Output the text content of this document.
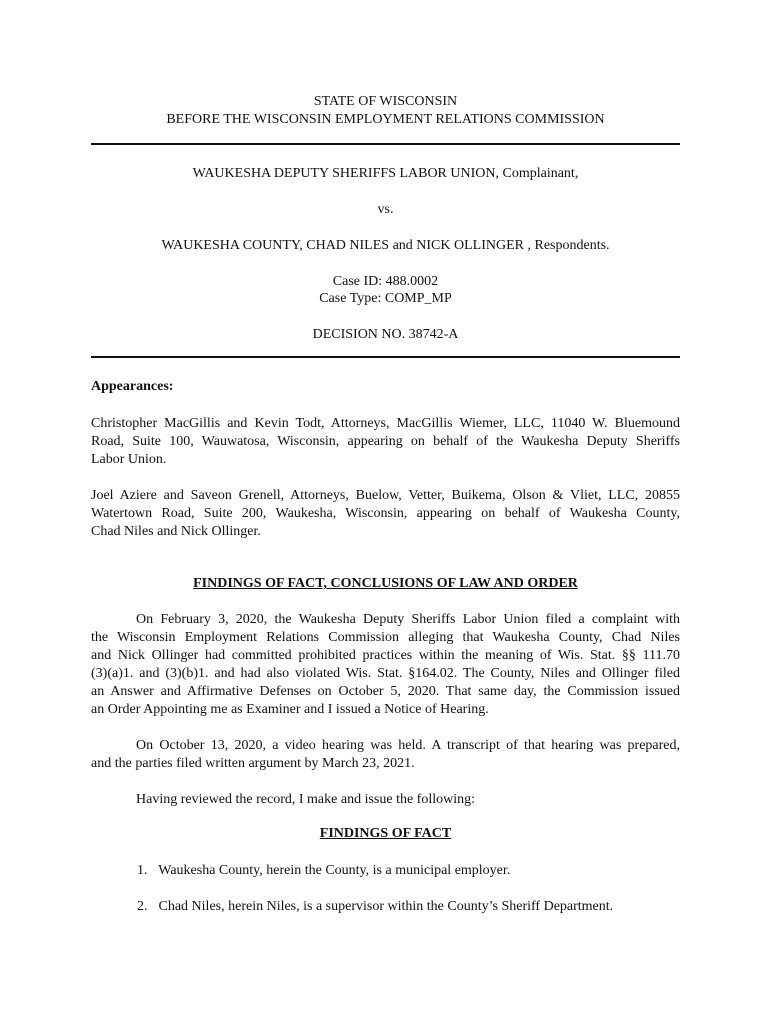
STATE OF WISCONSIN
BEFORE THE WISCONSIN EMPLOYMENT RELATIONS COMMISSION
WAUKESHA DEPUTY SHERIFFS LABOR UNION, Complainant,
vs.
WAUKESHA COUNTY, CHAD NILES and NICK OLLINGER , Respondents.
Case ID: 488.0002
Case Type: COMP_MP
DECISION NO. 38742-A
Appearances:
Christopher MacGillis and Kevin Todt, Attorneys, MacGillis Wiemer, LLC, 11040 W. Bluemound
Road, Suite 100, Wauwatosa, Wisconsin, appearing on behalf of the Waukesha Deputy Sheriffs
Labor Union.
Joel Aziere and Saveon Grenell, Attorneys, Buelow, Vetter, Buikema, Olson & Vliet, LLC, 20855
Watertown Road, Suite 200, Waukesha, Wisconsin, appearing on behalf of Waukesha County,
Chad Niles and Nick Ollinger.
FINDINGS OF FACT, CONCLUSIONS OF LAW AND ORDER
On February 3, 2020, the Waukesha Deputy Sheriffs Labor Union filed a complaint with
the Wisconsin Employment Relations Commission alleging that Waukesha County, Chad Niles
and Nick Ollinger had committed prohibited practices within the meaning of Wis. Stat. §§ 111.70
(3)(a)1. and (3)(b)1. and had also violated Wis. Stat. §164.02. The County, Niles and Ollinger filed
an Answer and Affirmative Defenses on October 5, 2020. That same day, the Commission issued
an Order Appointing me as Examiner and I issued a Notice of Hearing.
On October 13, 2020, a video hearing was held. A transcript of that hearing was prepared,
and the parties filed written argument by March 23, 2021.
Having reviewed the record, I make and issue the following:
FINDINGS OF FACT
1. Waukesha County, herein the County, is a municipal employer.
2. Chad Niles, herein Niles, is a supervisor within the County’s Sheriff Department.
